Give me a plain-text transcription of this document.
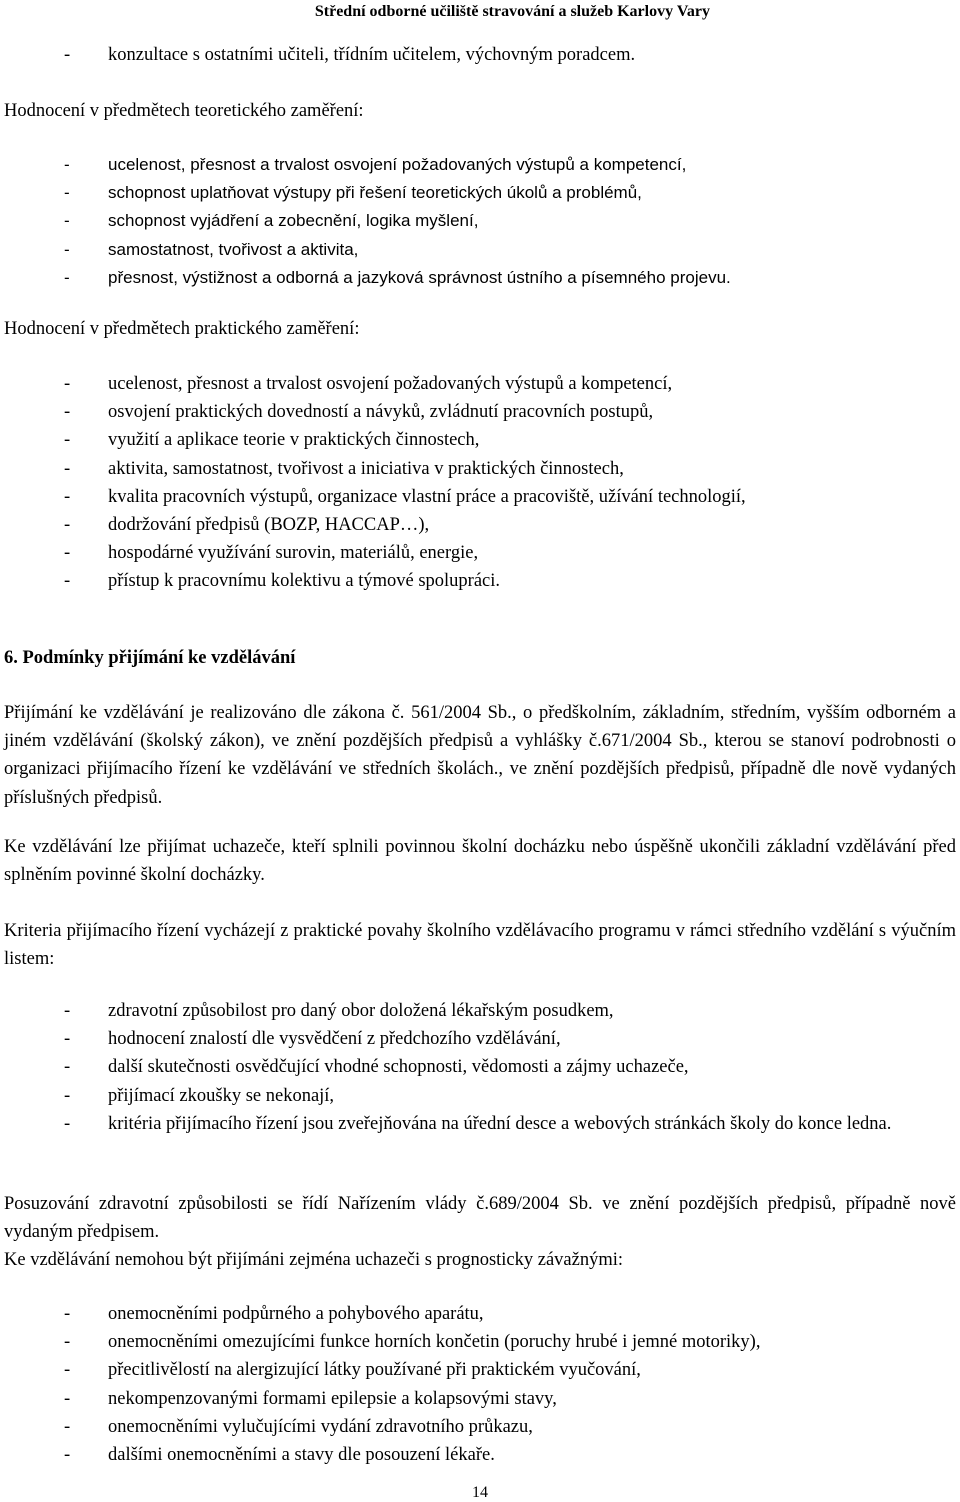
Střední odborné učiliště stravování a služeb Karlovy Vary
- konzultace s ostatními učiteli, třídním učitelem, výchovným poradcem.
Hodnocení v předmětech teoretického zaměření:
- ucelenost, přesnost a trvalost osvojení požadovaných výstupů a kompetencí,
- schopnost uplatňovat výstupy při řešení teoretických úkolů a problémů,
- schopnost vyjádření a zobecnění, logika myšlení,
- samostatnost, tvořivost a aktivita,
- přesnost, výstižnost a odborná a jazyková správnost ústního a písemného projevu.
Hodnocení v předmětech praktického zaměření:
- ucelenost, přesnost a trvalost osvojení požadovaných výstupů a kompetencí,
- osvojení praktických dovedností a návyků, zvládnutí pracovních postupů,
- využití a aplikace teorie v praktických činnostech,
- aktivita, samostatnost, tvořivost a iniciativa v praktických činnostech,
- kvalita pracovních výstupů, organizace vlastní práce a pracoviště, užívání technologií,
- dodržování předpisů (BOZP, HACCAP…),
- hospodárné využívání surovin, materiálů, energie,
- přístup k pracovnímu kolektivu a týmové spolupráci.
6. Podmínky přijímání ke vzdělávání

Přijímání ke vzdělávání je realizováno dle zákona č. 561/2004 Sb., o předškolním, základním, středním, vyšším odborném a jiném vzdělávání (školský zákon), ve znění pozdějších předpisů a vyhlášky č.671/2004 Sb., kterou se stanoví podrobnosti o organizaci přijímacího řízení ke vzdělávání ve středních školách., ve znění pozdějších předpisů, případně dle nově vydaných příslušných předpisů.

Ke vzdělávání lze přijímat uchazeče, kteří splnili povinnou školní docházku nebo úspěšně ukončili základní vzdělávání před splněním povinné školní docházky.

Kriteria přijímacího řízení vycházejí z praktické povahy školního vzdělávacího programu v rámci středního vzdělání s výučním listem:

- zdravotní způsobilost pro daný obor doložená lékařským posudkem,
- hodnocení znalostí dle vysvědčení z předchozího vzdělávání,
- další skutečnosti osvědčující vhodné schopnosti, vědomosti a zájmy uchazeče,
- přijímací zkoušky se nekonají,
- kritéria přijímacího řízení jsou zveřejňována na úřední desce a webových stránkách školy do konce ledna.

Posuzování zdravotní způsobilosti se řídí Nařízením vlády č.689/2004 Sb. ve znění pozdějších předpisů, případně nově vydaným předpisem.

Ke vzdělávání nemohou být přijímáni zejména uchazeči s prognosticky závažnými:

- onemocněními podpůrného a pohybového aparátu,
- onemocněními omezujícími funkce horních končetin (poruchy hrubé i jemné motoriky),
- přecitlivělostí na alergizující látky používané při praktickém vyučování,
- nekompenzovanými formami epilepsie a kolapsovými stavy,
- onemocněními vylučujícími vydání zdravotního průkazu,
- dalšími onemocněními a stavy dle posouzení lékaře.
14
